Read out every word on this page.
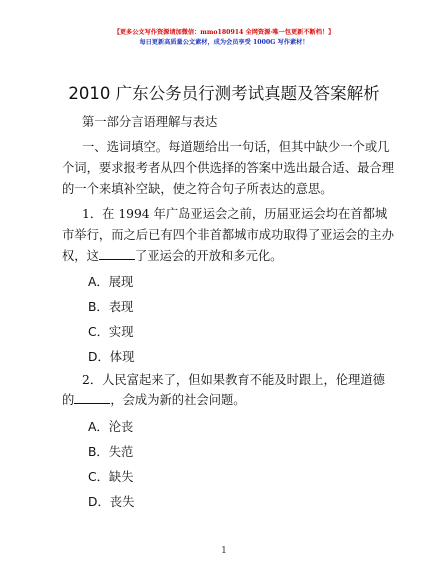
【更多公文写作资源请加微信：mmo180914 全网资源·唯一包更新不断档！】
每日更新高质量公文素材，成为会员享受 1000G 写作素材！
2010 广东公务员行测考试真题及答案解析
第一部分言语理解与表达
一、选词填空。每道题给出一句话，但其中缺少一个或几
个词，要求报考者从四个供选择的答案中选出最合适、最合理
的一个来填补空缺，使之符合句子所表达的意思。
1．在 1994 年广岛亚运会之前，历届亚运会均在首都城
市举行，而之后已有四个非首都城市成功取得了亚运会的主办
权，这	了亚运会的开放和多元化。
A．展现
B．表现
C．实现
D．体现
2．人民富起来了，但如果教育不能及时跟上，伦理道德
的	，会成为新的社会问题。
A．沦丧
B．失范
C．缺失
D．丧失
1
